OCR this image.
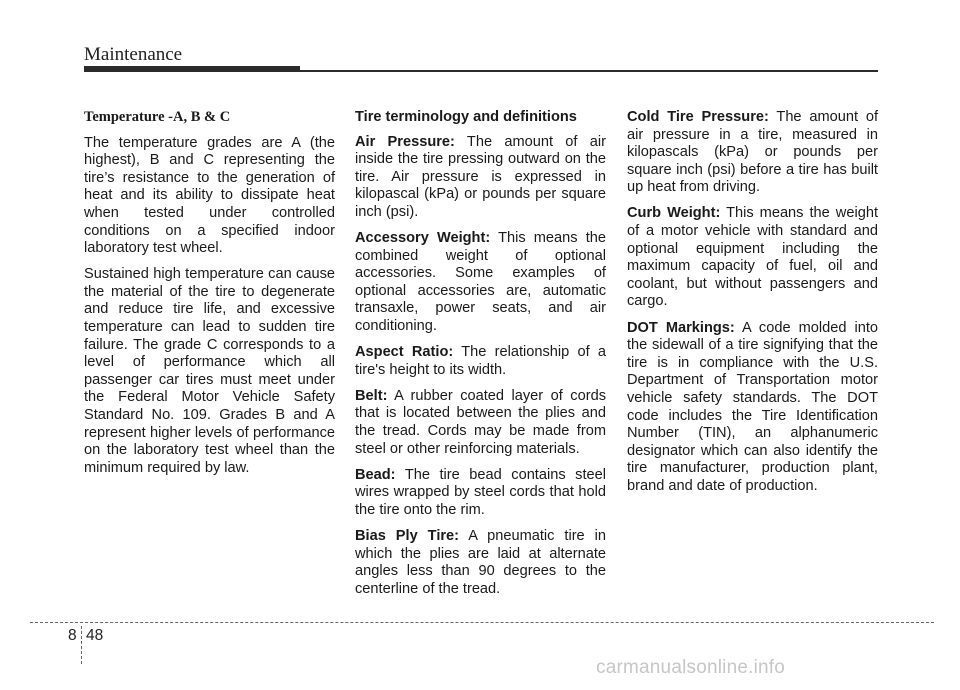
Maintenance
Temperature -A, B & C

The temperature grades are A (the highest), B and C representing the tire’s resistance to the generation of heat and its ability to dissipate heat when tested under controlled conditions on a specified indoor laboratory test wheel.

Sustained high temperature can cause the material of the tire to degenerate and reduce tire life, and excessive temperature can lead to sudden tire failure. The grade C corresponds to a level of performance which all passenger car tires must meet under the Federal Motor Vehicle Safety Standard No. 109. Grades B and A represent higher levels of performance on the laboratory test wheel than the minimum required by law.

Tire terminology and definitions

Air Pressure: The amount of air inside the tire pressing outward on the tire. Air pressure is expressed in kilopascal (kPa) or pounds per square inch (psi).

Accessory Weight: This means the combined weight of optional accessories. Some examples of optional accessories are, automatic transaxle, power seats, and air conditioning.

Aspect Ratio: The relationship of a tire's height to its width.

Belt: A rubber coated layer of cords that is located between the plies and the tread. Cords may be made from steel or other reinforcing materials.

Bead: The tire bead contains steel wires wrapped by steel cords that hold the tire onto the rim.

Bias Ply Tire: A pneumatic tire in which the plies are laid at alternate angles less than 90 degrees to the centerline of the tread.

Cold Tire Pressure: The amount of air pressure in a tire, measured in kilopascals (kPa) or pounds per square inch (psi) before a tire has built up heat from driving.

Curb Weight: This means the weight of a motor vehicle with standard and optional equipment including the maximum capacity of fuel, oil and coolant, but without passengers and cargo.

DOT Markings: A code molded into the sidewall of a tire signifying that the tire is in compliance with the U.S. Department of Transportation motor vehicle safety standards. The DOT code includes the Tire Identification Number (TIN), an alphanumeric designator which can also identify the tire manufacturer, production plant, brand and date of production.

8 48
carmanualsonline.info
